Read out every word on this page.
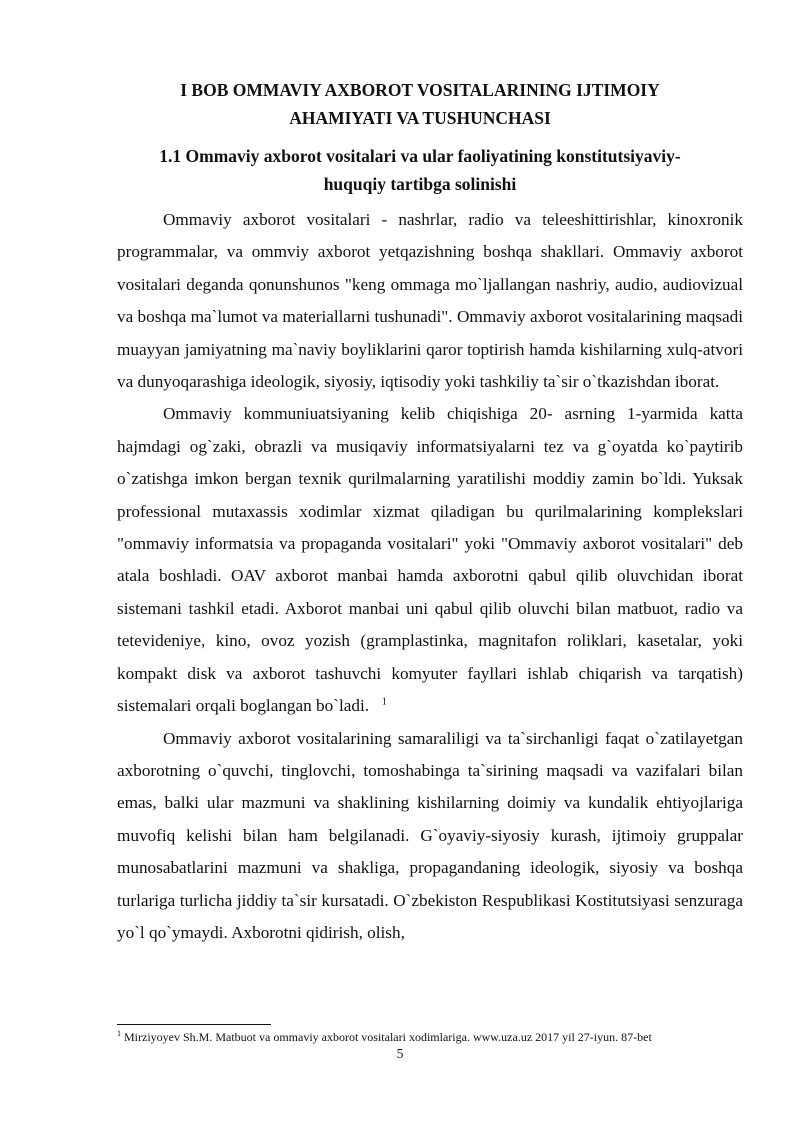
I BOB OMMAVIY AXBOROT VOSITALARINING IJTIMOIY
AHAMIYATI VA TUSHUNCHASI
1.1 Ommaviy axborot vositalari va ular faoliyatining konstitutsiyaviy-
huquqiy tartibga solinishi

Ommaviy axborot vositalari - nashrlar, radio va teleeshittirishlar, kinoxronik programmalar, va ommviy axborot yetqazishning boshqa shakllari. Ommaviy axborot vositalari deganda qonunshunos "keng ommaga mo`ljallangan nashriy, audio, audiovizual va boshqa ma`lumot va materiallarni tushunadi". Ommaviy axborot vositalarining maqsadi muayyan jamiyatning ma`naviy boyliklarini qaror toptirish hamda kishilarning xulq-atvori va dunyoqarashiga ideologik, siyosiy, iqtisodiy yoki tashkiliy ta`sir o`tkazishdan iborat.

Ommaviy kommuniuatsiyaning kelib chiqishiga 20- asrning 1-yarmida katta hajmdagi og`zaki, obrazli va musiqaviy informatsiyalarni tez va g`oyatda ko`paytirib o`zatishga imkon bergan texnik qurilmalarning yaratilishi moddiy zamin bo`ldi. Yuksak professional mutaxassis xodimlar xizmat qiladigan bu qurilmalarining komplekslari "ommaviy informatsia va propaganda vositalari" yoki "Ommaviy axborot vositalari" deb atala boshladi. OAV axborot manbai hamda axborotni qabul qilib oluvchidan iborat sistemani tashkil etadi. Axborot manbai uni qabul qilib oluvchi bilan matbuot, radio va tetevideniye, kino, ovoz yozish (gramplastinka, magnitafon roliklari, kasetalar, yoki kompakt disk va axborot tashuvchi komyuter fayllari ishlab chiqarish va tarqatish) sistemalari orqali boglangan bo`ladi. $^1$

Ommaviy axborot vositalarining samaraliligi va ta`sirchanligi faqat o`zatilayetgan axborotning o`quvchi, tinglovchi, tomoshabinga ta`sirining maqsadi va vazifalari bilan emas, balki ular mazmuni va shaklining kishilarning doimiy va kundalik ehtiyojlariga muvofiq kelishi bilan ham belgilanadi. G`oyaviy-siyosiy kurash, ijtimoiy gruppalar munosabatlarini mazmuni va shakliga, propagandaning ideologik, siyosiy va boshqa turlariga turlicha jiddiy ta`sir kursatadi. O`zbekiston Respublikasi Kostitutsiyasi senzuraga yo`l qo`ymaydi. Axborotni qidirish, olish,

$^1$ Mirziyoyev Sh.M. Matbuot va ommaviy axborot vositalari xodimlariga. www.uza.uz 2017 yil 27-iyun. 87-bet
5
